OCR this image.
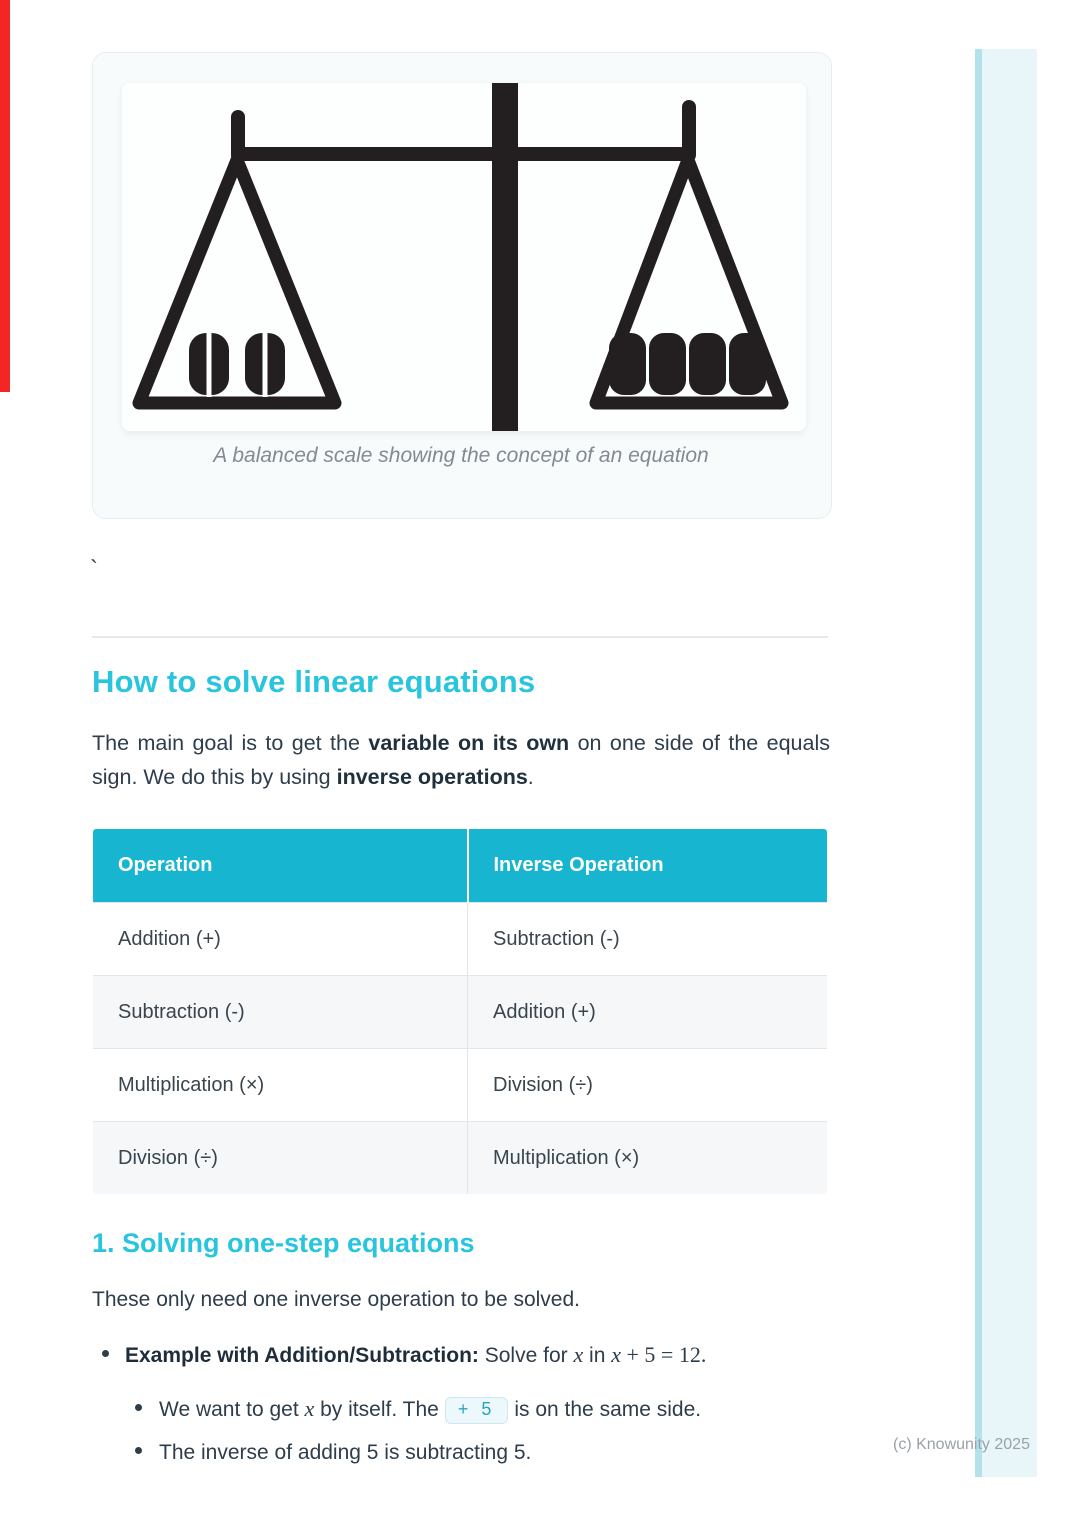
A balanced scale showing the concept of an equation
`
How to solve linear equations
The main goal is to get the variable on its own on one side of the equals sign. We do this by using inverse operations.
Operation	Inverse Operation
Addition (+)	Subtraction (-)
Subtraction (-)	Addition (+)
Multiplication (×)	Division (÷)
Division (÷)	Multiplication (×)
1. Solving one-step equations
These only need one inverse operation to be solved.
Example with Addition/Subtraction: Solve for x in x + 5 = 12.
We want to get x by itself. The + 5 is on the same side.
The inverse of adding 5 is subtracting 5.	(c) Knowunity 2025
